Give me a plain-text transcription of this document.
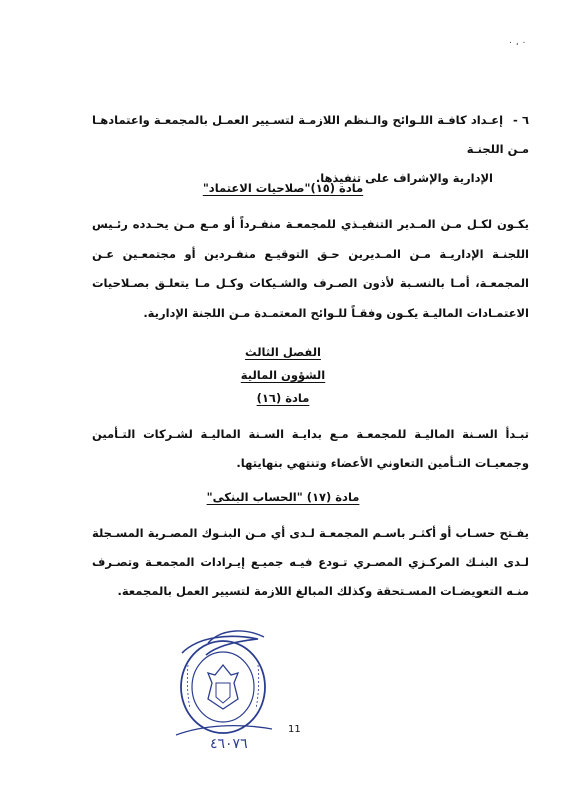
٠ ، ٠
٦ -إعـداد كافـة اللـوائح والـنظم اللازمـة لتسـيير العمـل بالمجمعـة واعتمادهـا مـن اللجنـة
الإدارية والإشراف على تنفيذها.
مادة (١٥)"صلاحيات الاعتماد"
يكـون لكـل مـن المـدير التنفيـذي للمجمعـة منفـرداً أو مـع مـن يحـدده رئـيس اللجنـة الإداريـة مـن المـديرين حـق التوقيـع منفـردين أو مجتمعـين عـن المجمعـة، أمـا بالنسـبة لأذون الصـرف والشـيكات وكـل مـا يتعلـق بصـلاحيات الاعتمـادات الماليـة يكـون وفقـاً للـوائح المعتمـدة مـن اللجنة الإدارية.
الفصل الثالث
الشؤون المالية
مادة (١٦)
تبـدأ السـنة الماليـة للمجمعـة مـع بدايـة السـنة الماليـة لشـركات التـأمين وجمعيـات التـأمين التعاوني الأعضاء وتنتهي بنهايتها.
مادة (١٧) "الحساب البنكى"
يفـتح حسـاب أو أكثـر باسـم المجمعـة لـدى أي مـن البنـوك المصـرية المسـجلة لـدى البنـك المركـزي المصـري تـودع فيـه جميـع إيـرادات المجمعـة وتصـرف منـه التعويضـات المسـتحقة وكذلك المبالغ اللازمة لتسيير العمل بالمجمعة.
11
٤٦٠٧٦
